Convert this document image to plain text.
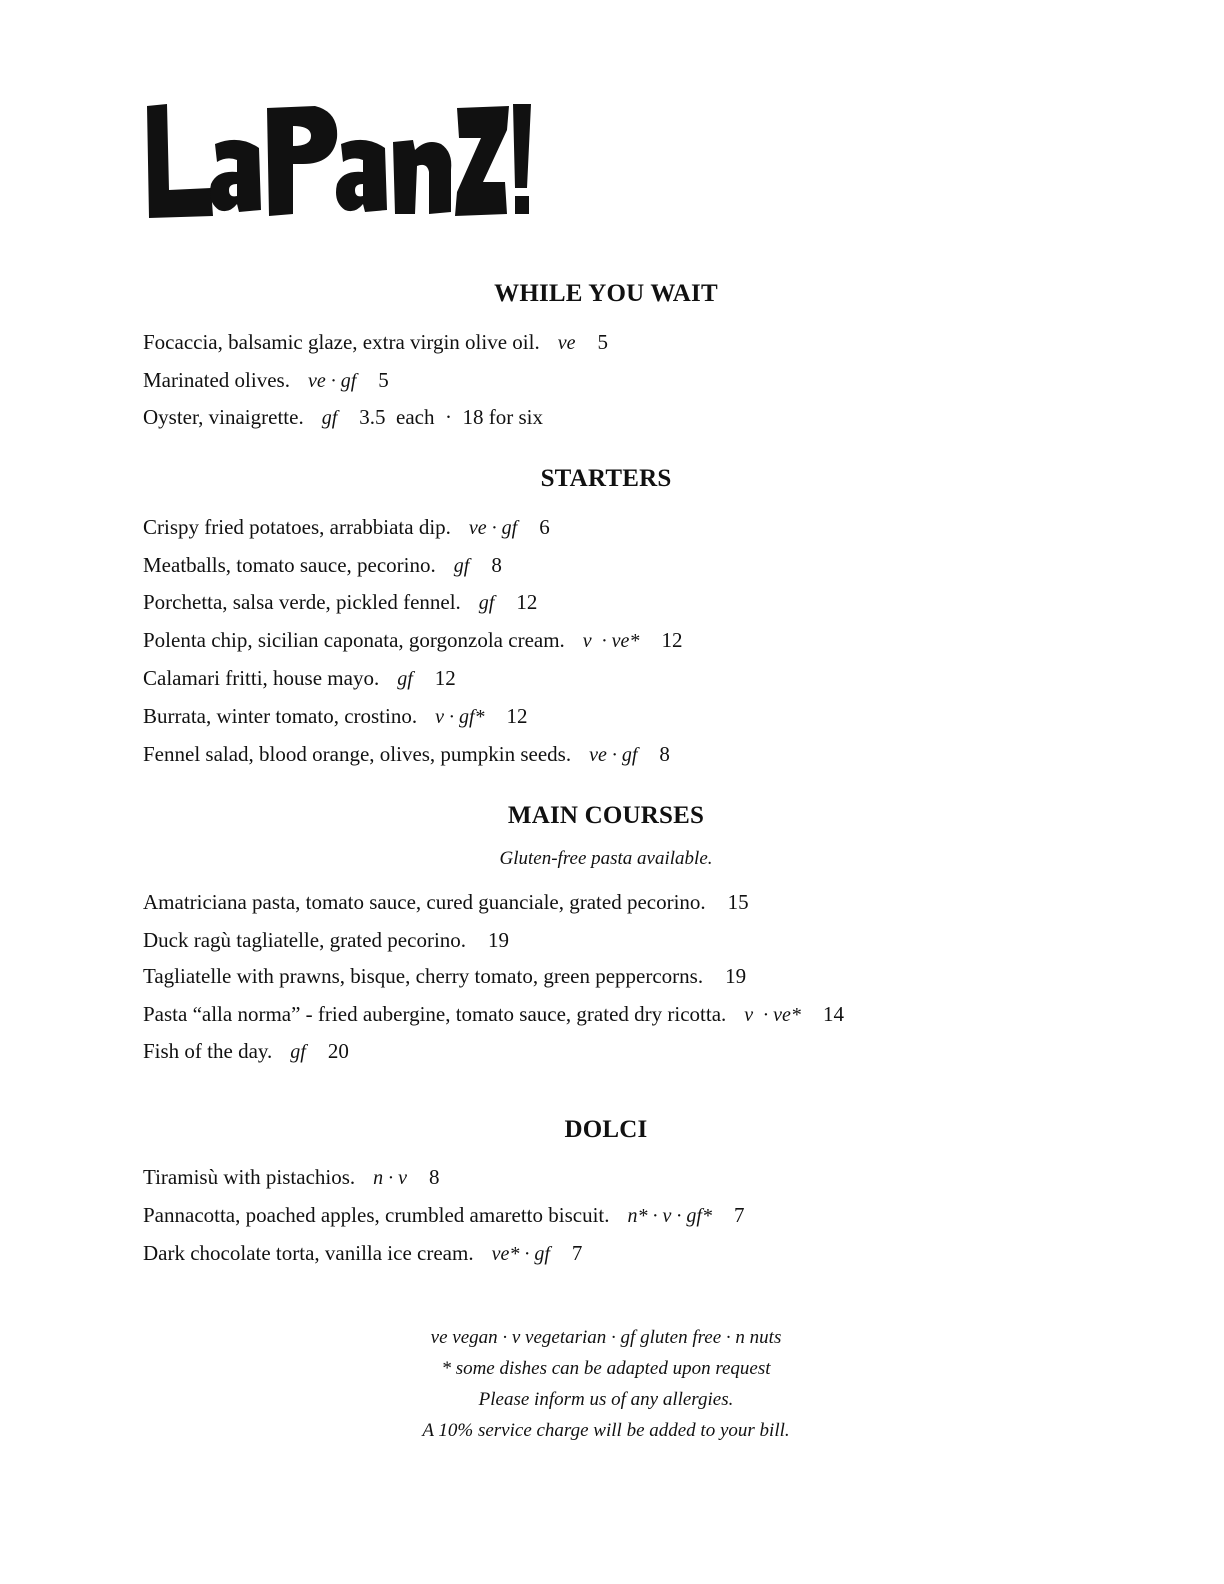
WHILE YOU WAIT
Focaccia, balsamic glaze, extra virgin olive oil. ve 5
Marinated olives. ve · gf 5
Oyster, vinaigrette. gf 3.5  each  ·  18 for six
STARTERS
Crispy fried potatoes, arrabbiata dip. ve · gf 6
Meatballs, tomato sauce, pecorino. gf 8
Porchetta, salsa verde, pickled fennel. gf 12
Polenta chip, sicilian caponata, gorgonzola cream. v  · ve* 12
Calamari fritti, house mayo. gf 12
Burrata, winter tomato, crostino. v · gf* 12
Fennel salad, blood orange, olives, pumpkin seeds. ve · gf 8
MAIN COURSES
Gluten-free pasta available.
Amatriciana pasta, tomato sauce, cured guanciale, grated pecorino. 15
Duck ragù tagliatelle, grated pecorino. 19
Tagliatelle with prawns, bisque, cherry tomato, green peppercorns. 19
Pasta “alla norma” - fried aubergine, tomato sauce, grated dry ricotta. v  · ve* 14
Fish of the day. gf 20
DOLCI
Tiramisù with pistachios. n · v 8
Pannacotta, poached apples, crumbled amaretto biscuit. n* · v · gf* 7
Dark chocolate torta, vanilla ice cream. ve* · gf 7
ve vegan · v vegetarian · gf gluten free · n nuts
* some dishes can be adapted upon request
Please inform us of any allergies.
A 10% service charge will be added to your bill.
